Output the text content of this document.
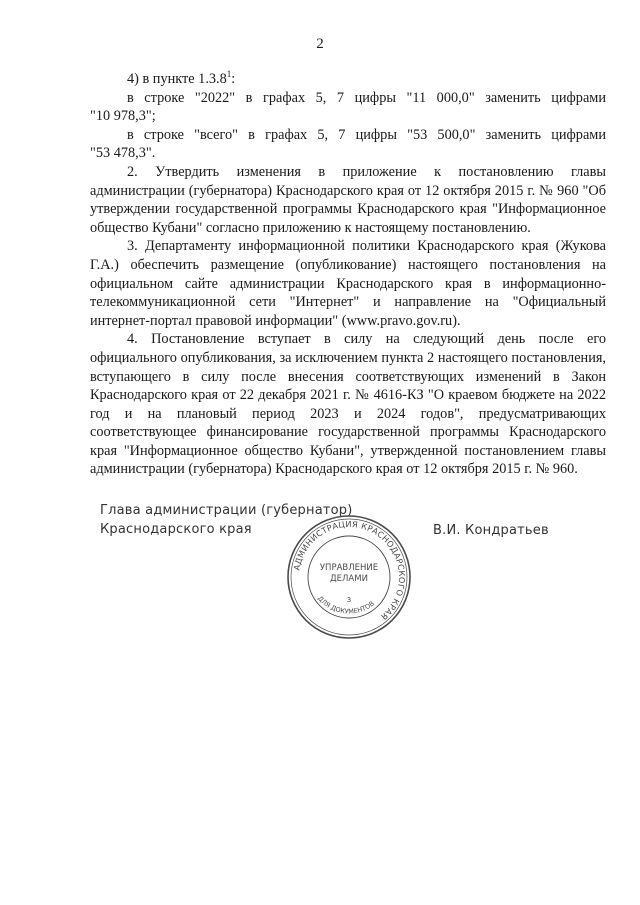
2

4) в пункте 1.3.8$^1$:

в строке "2022" в графах 5, 7 цифры "11 000,0" заменить цифрами

"10 978,3";

в строке "всего" в графах 5, 7 цифры "53 500,0" заменить цифрами

"53 478,3".

2. Утвердить изменения в приложение к постановлению главы администрации (губернатора) Краснодарского края от 12 октября 2015 г. № 960 "Об утверждении государственной программы Краснодарского края "Информационное общество Кубани" согласно приложению к настоящему постановлению.

3. Департаменту информационной политики Краснодарского края (Жукова Г.А.) обеспечить размещение (опубликование) настоящего постановления на официальном сайте администрации Краснодарского края в информационно-телекоммуникационной сети "Интернет" и направление на "Официальный интернет-портал правовой информации" (www.pravo.gov.ru).

4. Постановление вступает в силу на следующий день после его официального опубликования, за исключением пункта 2 настоящего постановления, вступающего в силу после внесения соответствующих изменений в Закон Краснодарского края от 22 декабря 2021 г. № 4616-КЗ "О краевом бюджете на 2022 год и на плановый период 2023 и 2024 годов", предусматривающих соответствующее финансирование государственной программы Краснодарского края "Информационное общество Кубани", утвержденной постановлением главы администрации (губернатора) Краснодарского края от 12 октября 2015 г. № 960.

Глава администрации (губернатор)
Краснодарского края	В.И. Кондратьев
АДМИНИСТРАЦИЯ КРАСНОДАРСКОГО КРАЯ
ДЛЯ ДОКУМЕНТОВ
УПРАВЛЕНИЕ
ДЕЛАМИ
3
